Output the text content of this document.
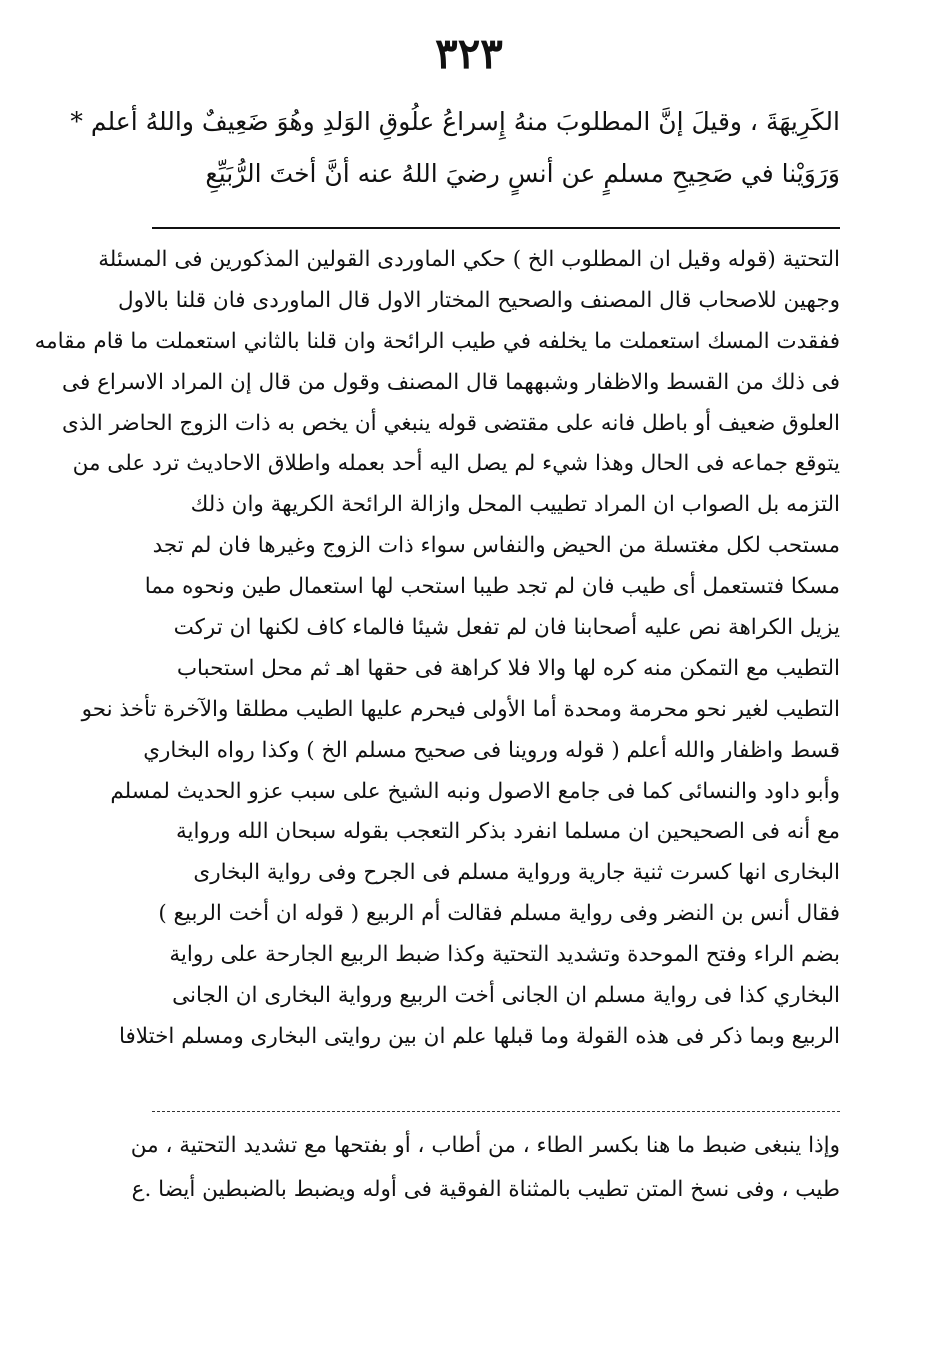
٣٢٣

الكَرِيهَةَ ، وقيلَ إنَّ المطلوبَ منهُ إِسراعُ علُوقِ الوَلدِ وهُوَ ضَعِيفٌ واللهُ أعلم *

وَرَوَيْنا في صَحِيحِ مسلمٍ عن أنسٍ رضيَ اللهُ عنه أنَّ أختَ الرُّبَيِّعِ

التحتية (قوله وقيل ان المطلوب الخ ) حكي الماوردى القولين المذكورين فى المسئلة

وجهين للاصحاب قال المصنف والصحيح المختار الاول قال الماوردى فان قلنا بالاول

ففقدت المسك استعملت ما يخلفه في طيب الرائحة وان قلنا بالثاني استعملت ما قام مقامه

فى ذلك من القسط والاظفار وشبههما قال المصنف وقول من قال إن المراد الاسراع فى

العلوق ضعيف أو باطل فانه على مقتضى قوله ينبغي أن يخص به ذات الزوج الحاضر الذى

يتوقع جماعه فى الحال وهذا شيء لم يصل اليه أحد بعمله واطلاق الاحاديث ترد على من

التزمه بل الصواب ان المراد تطييب المحل وازالة الرائحة الكريهة وان ذلك

مستحب لكل مغتسلة من الحيض والنفاس سواء ذات الزوج وغيرها فان لم تجد

مسكا فتستعمل أى طيب فان لم تجد طيبا استحب لها استعمال طين ونحوه مما

يزيل الكراهة نص عليه أصحابنا فان لم تفعل شيئا فالماء كاف لكنها ان تركت

التطيب مع التمكن منه كره لها والا فلا كراهة فى حقها اهـ ثم محل استحباب

التطيب لغير نحو محرمة ومحدة أما الأولى فيحرم عليها الطيب مطلقا والآخرة تأخذ نحو

قسط واظفار والله أعلم ( قوله وروينا فى صحيح مسلم الخ ) وكذا رواه البخاري

وأبو داود والنسائى كما فى جامع الاصول ونبه الشيخ على سبب عزو الحديث لمسلم

مع أنه فى الصحيحين ان مسلما انفرد بذكر التعجب بقوله سبحان الله ورواية

البخارى انها كسرت ثنية جارية ورواية مسلم فى الجرح وفى رواية البخارى

فقال أنس بن النضر وفى رواية مسلم فقالت أم الربيع ( قوله ان أخت الربيع )

بضم الراء وفتح الموحدة وتشديد التحتية وكذا ضبط الربيع الجارحة على رواية

البخاري كذا فى رواية مسلم ان الجانى أخت الربيع ورواية البخارى ان الجانى

الربيع وبما ذكر فى هذه القولة وما قبلها علم ان بين روايتى البخارى ومسلم اختلافا

وإذا ينبغى ضبط ما هنا بكسر الطاء ، من أطاب ، أو بفتحها مع تشديد التحتية ، من

طيب ، وفى نسخ المتن تطيب بالمثناة الفوقية فى أوله ويضبط بالضبطين أيضا .ع
